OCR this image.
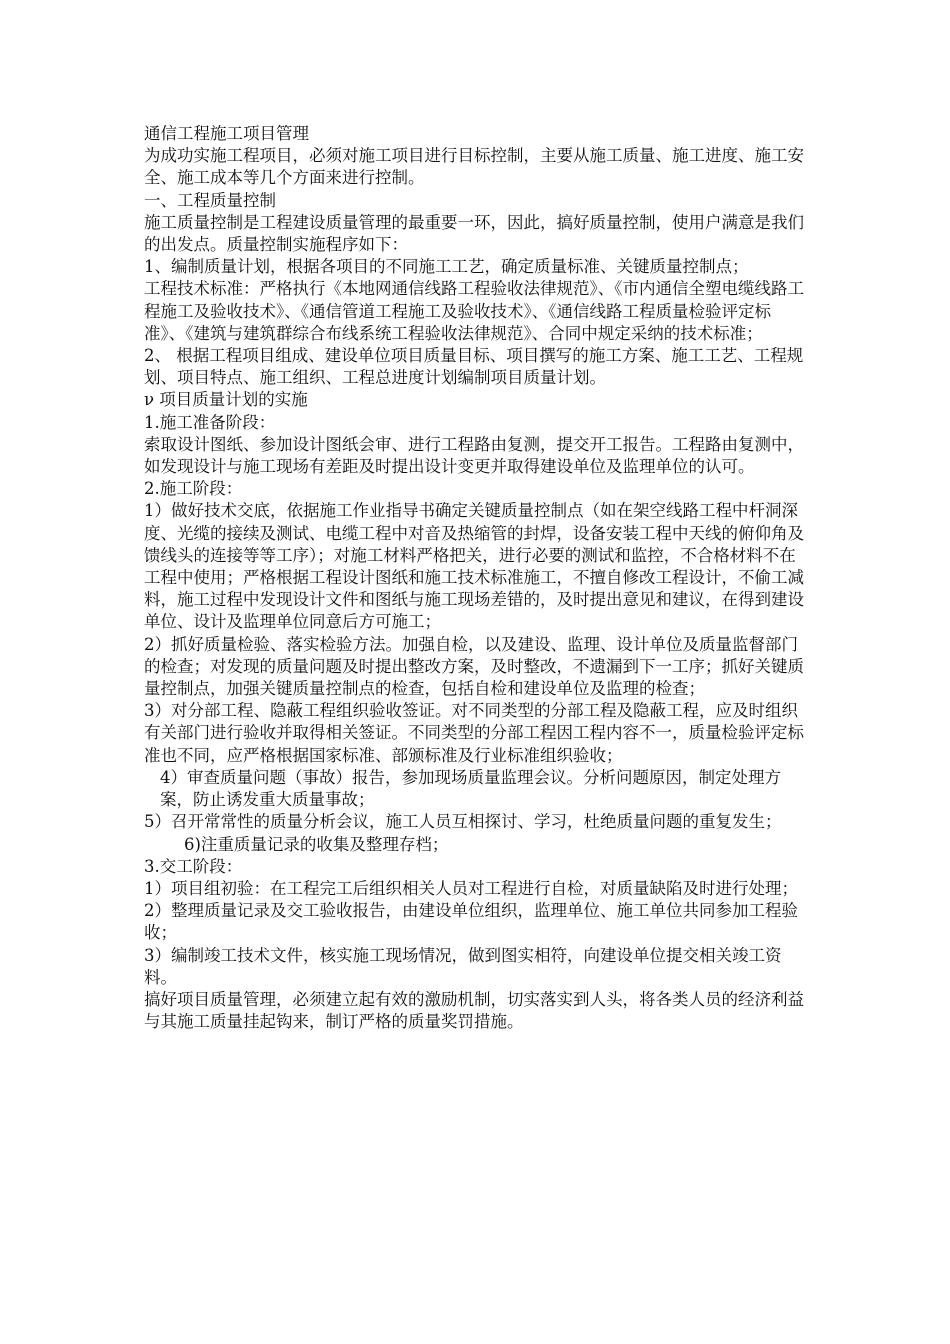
通信工程施工项目管理

为成功实施工程项目，必须对施工项目进行目标控制，主要从施工质量、施工进度、施工安全、施工成本等几个方面来进行控制。

一、工程质量控制

施工质量控制是工程建设质量管理的最重要一环，因此，搞好质量控制，使用户满意是我们的出发点。质量控制实施程序如下：

1、编制质量计划，根据各项目的不同施工工艺，确定质量标准、关键质量控制点；

工程技术标准：严格执行《本地网通信线路工程验收法律规范》、《市内通信全塑电缆线路工程施工及验收技术》、《通信管道工程施工及验收技术》、《通信线路工程质量检验评定标准》、《建筑与建筑群综合布线系统工程验收法律规范》、合同中规定采纳的技术标准；

2、 根据工程项目组成、建设单位项目质量目标、项目撰写的施工方案、施工工艺、工程规划、项目特点、施工组织、工程总进度计划编制项目质量计划。

ν 项目质量计划的实施

1.施工准备阶段：

索取设计图纸、参加设计图纸会审、进行工程路由复测，提交开工报告。工程路由复测中，如发现设计与施工现场有差距及时提出设计变更并取得建设单位及监理单位的认可。

2.施工阶段：

1）做好技术交底，依据施工作业指导书确定关键质量控制点（如在架空线路工程中杆洞深度、光缆的接续及测试、电缆工程中对音及热缩管的封焊，设备安装工程中天线的俯仰角及馈线头的连接等等工序）；对施工材料严格把关，进行必要的测试和监控，不合格材料不在工程中使用；严格根据工程设计图纸和施工技术标准施工，不擅自修改工程设计，不偷工减料，施工过程中发现设计文件和图纸与施工现场差错的，及时提出意见和建议，在得到建设单位、设计及监理单位同意后方可施工；

2）抓好质量检验、落实检验方法。加强自检，以及建设、监理、设计单位及质量监督部门的检查；对发现的质量问题及时提出整改方案，及时整改，不遗漏到下一工序；抓好关键质量控制点，加强关键质量控制点的检查，包括自检和建设单位及监理的检查；

3）对分部工程、隐蔽工程组织验收签证。对不同类型的分部工程及隐蔽工程，应及时组织有关部门进行验收并取得相关签证。不同类型的分部工程因工程内容不一，质量检验评定标准也不同，应严格根据国家标准、部颁标准及行业标准组织验收；

4）审查质量问题（事故）报告，参加现场质量监理会议。分析问题原因，制定处理方案，防止诱发重大质量事故；

5）召开常常性的质量分析会议，施工人员互相探讨、学习，杜绝质量问题的重复发生；

6)注重质量记录的收集及整理存档；

3.交工阶段：

1）项目组初验：在工程完工后组织相关人员对工程进行自检，对质量缺陷及时进行处理；

2）整理质量记录及交工验收报告，由建设单位组织，监理单位、施工单位共同参加工程验收；

3）编制竣工技术文件，核实施工现场情况，做到图实相符，向建设单位提交相关竣工资料。

搞好项目质量管理，必须建立起有效的激励机制，切实落实到人头，将各类人员的经济利益与其施工质量挂起钩来，制订严格的质量奖罚措施。
